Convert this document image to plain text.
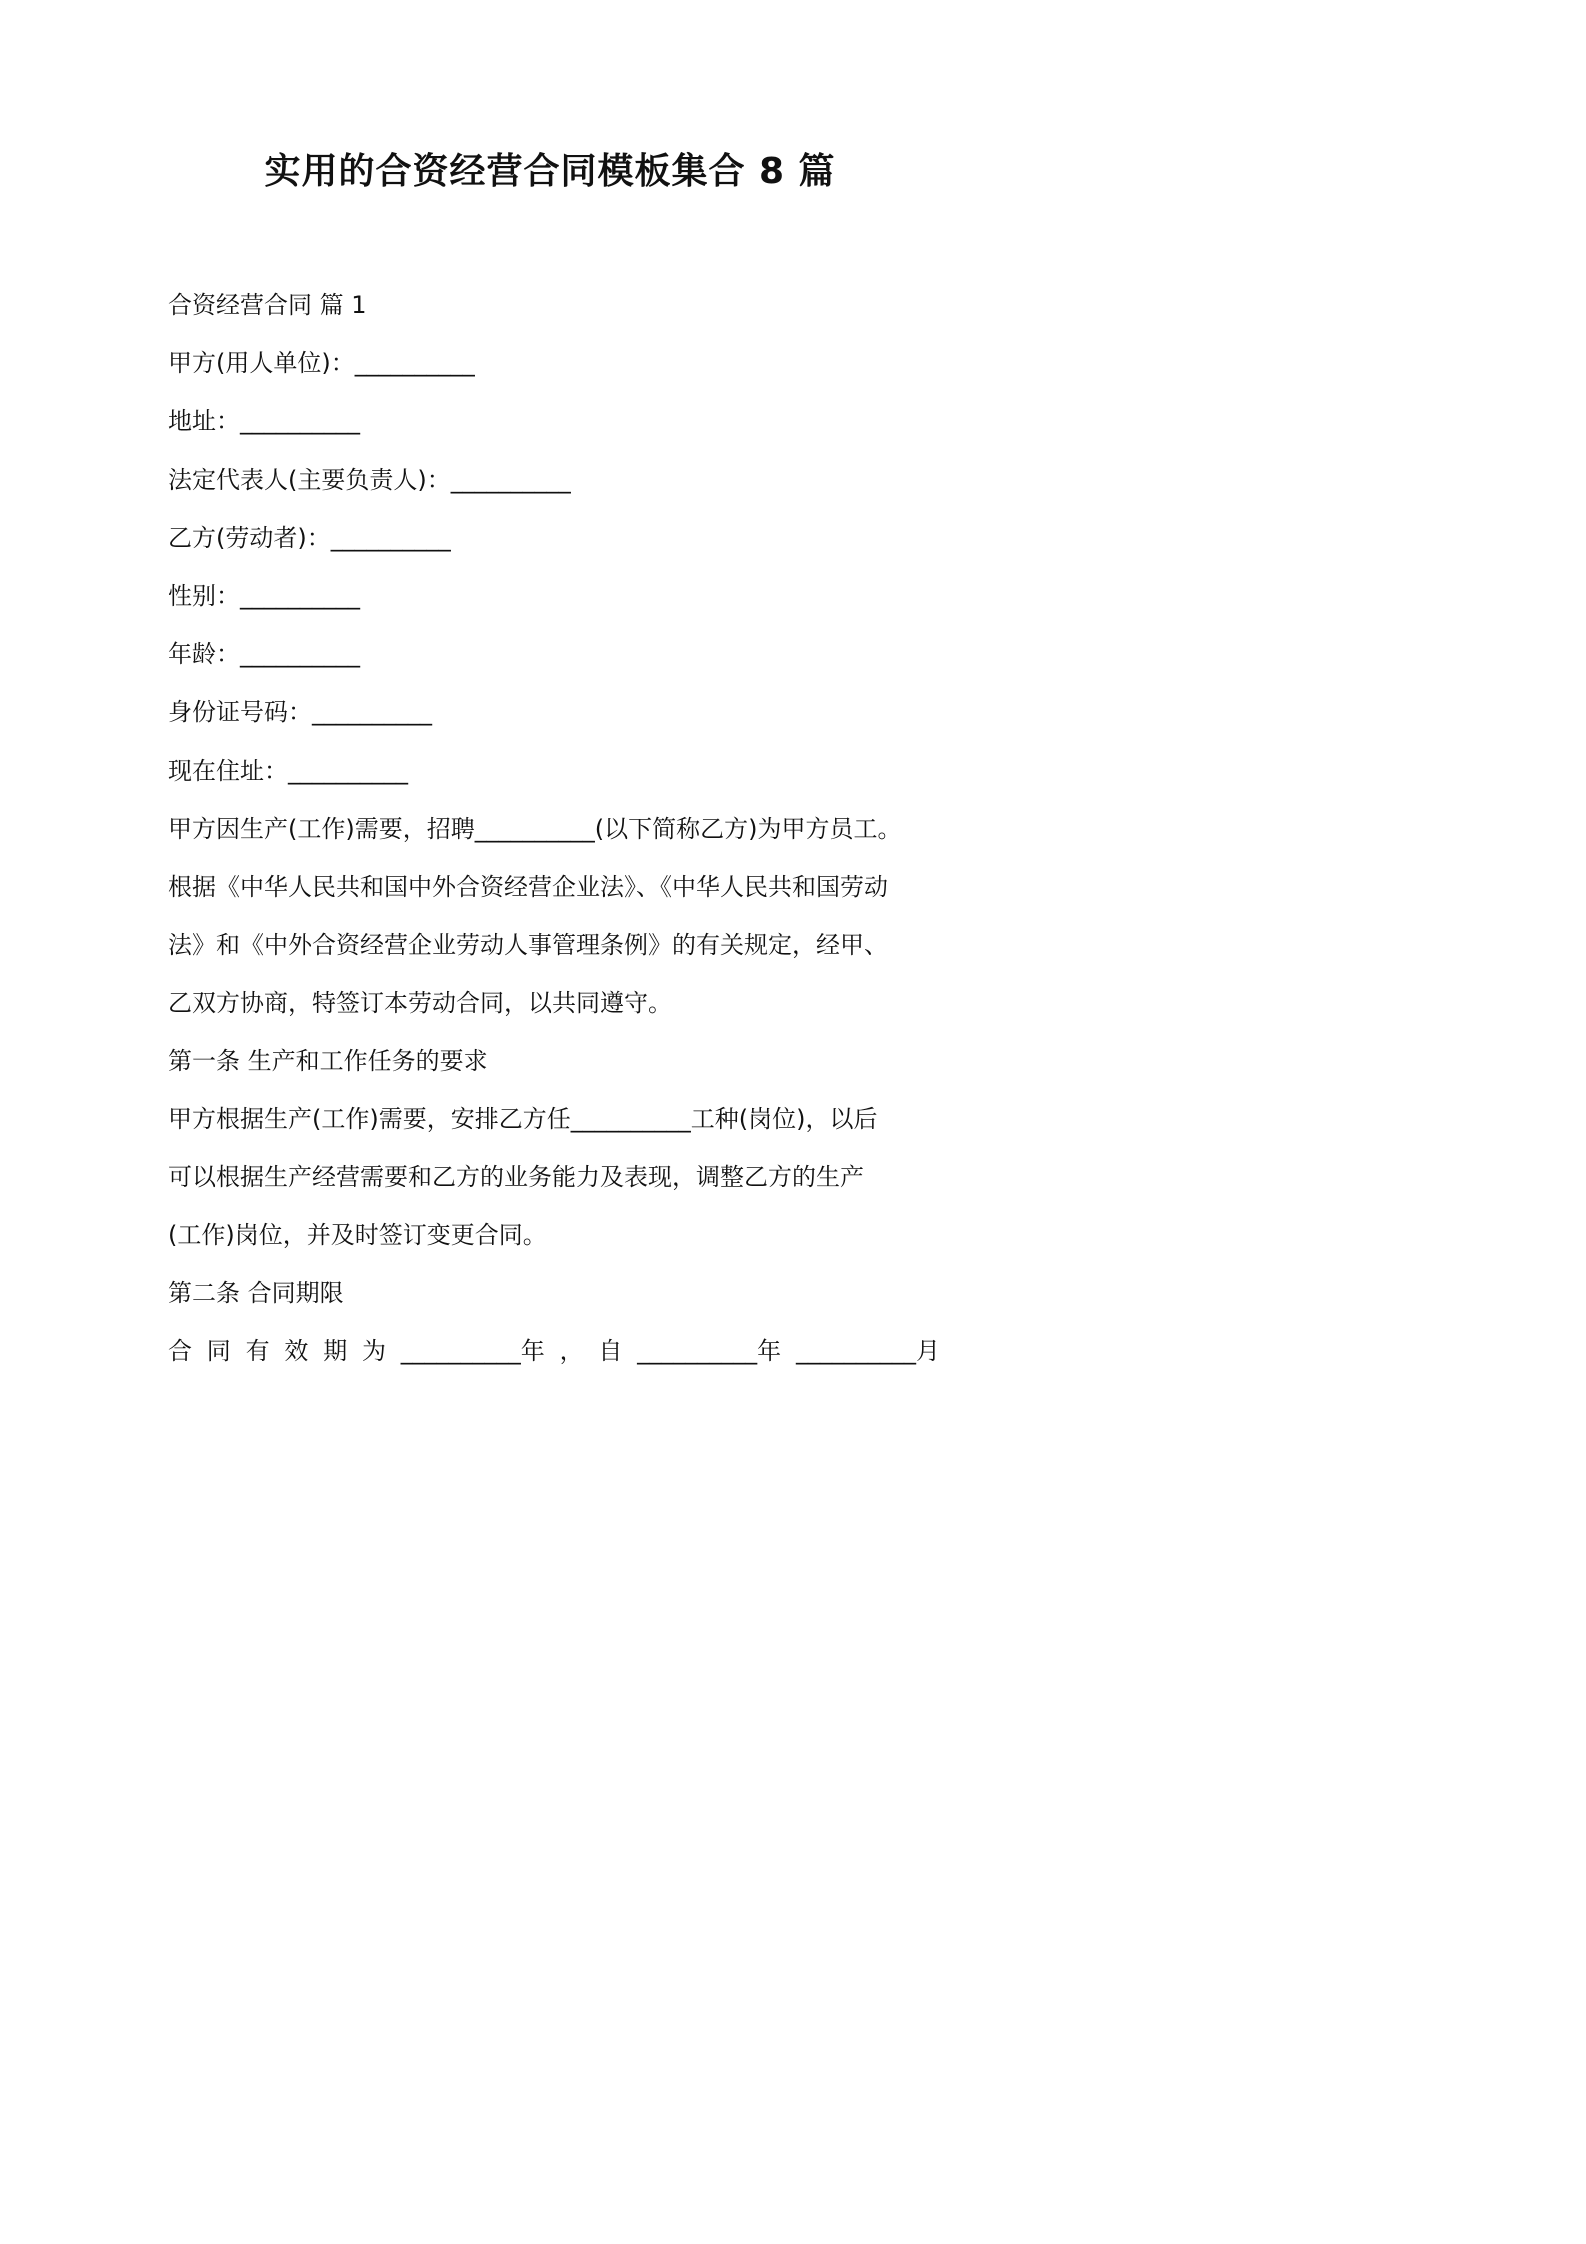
实用的合资经营合同模板集合 8 篇
合资经营合同 篇 1
甲方(用人单位)：__________
地址：__________
法定代表人(主要负责人)：__________
乙方(劳动者)：__________
性别：__________
年龄：__________
身份证号码：__________
现在住址：__________
甲方因生产(工作)需要，招聘__________(以下简称乙方)为甲方员工。
根据《中华人民共和国中外合资经营企业法》、《中华人民共和国劳动
法》和《中外合资经营企业劳动人事管理条例》的有关规定，经甲、
乙双方协商，特签订本劳动合同，以共同遵守。
第一条 生产和工作任务的要求
甲方根据生产(工作)需要，安排乙方任__________工种(岗位)，以后
可以根据生产经营需要和乙方的业务能力及表现，调整乙方的生产
(工作)岗位，并及时签订变更合同。
第二条 合同期限
合 同 有 效 期 为 __________年 ， 自 __________年 __________月
